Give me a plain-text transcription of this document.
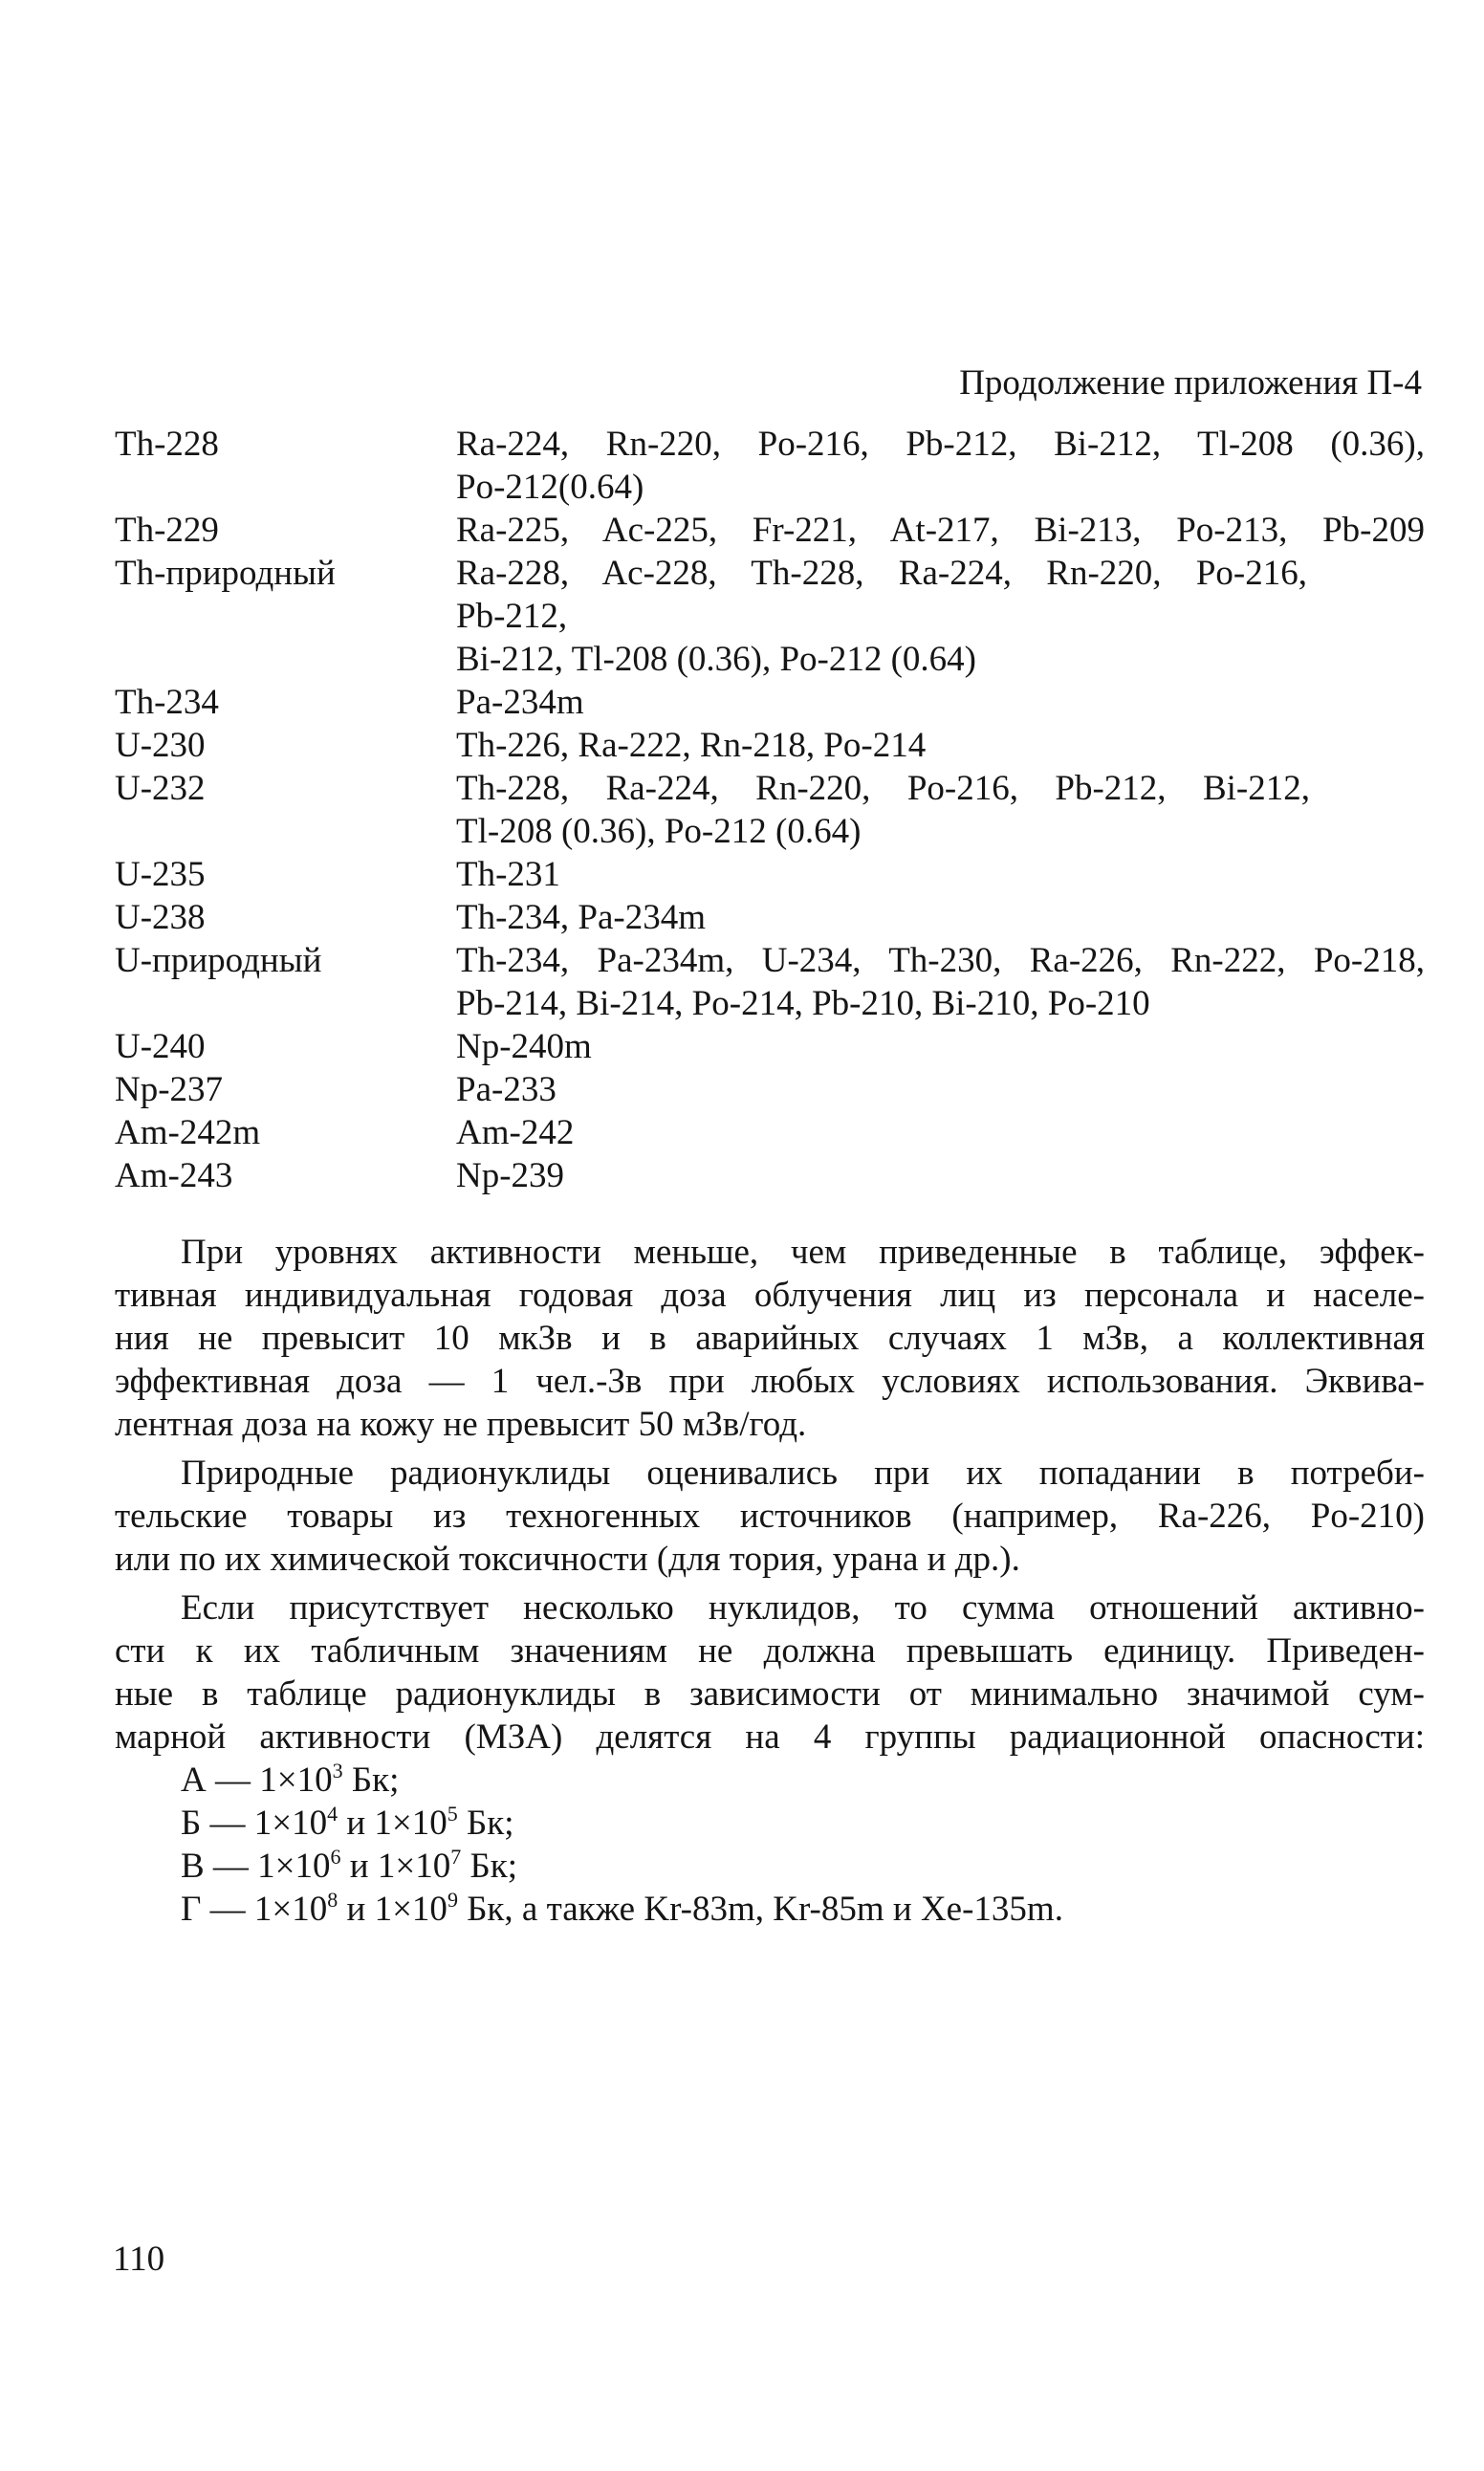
Продолжение приложения П-4
Th-228	Ra-224, Rn-220, Po-216, Pb-212, Bi-212, Tl-208 (0.36),
Po-212(0.64)
Th-229	Ra-225, Ac-225, Fr-221, At-217, Bi-213, Po-213, Pb-209
Th-природный	Ra-228, Ac-228, Th-228, Ra-224, Rn-220, Po-216,
Pb-212,
Bi-212, Tl-208 (0.36), Po-212 (0.64)
Th-234	Pa-234m
U-230	Th-226, Ra-222, Rn-218, Po-214
U-232	Th-228, Ra-224, Rn-220, Po-216, Pb-212, Bi-212,
Tl-208 (0.36), Po-212 (0.64)
U-235	Th-231
U-238	Th-234, Pa-234m
U-природный	Th-234, Pa-234m, U-234, Th-230, Ra-226, Rn-222, Po-218,
Pb-214, Bi-214, Po-214, Pb-210, Bi-210, Po-210
U-240	Np-240m
Np-237	Pa-233
Am-242m	Am-242
Am-243	Np-239
При уровнях активности меньше, чем приведенные в таблице, эффек-
тивная индивидуальная годовая доза облучения лиц из персонала и населе-
ния не превысит 10 мкЗв и в аварийных случаях 1 мЗв, а коллективная
эффективная доза — 1 чел.-Зв при любых условиях использования. Эквива-
лентная доза на кожу не превысит 50 мЗв/год.
Природные радионуклиды оценивались при их попадании в потреби-
тельские товары из техногенных источников (например, Ra-226, Po-210)
или по их химической токсичности (для тория, урана и др.).
Если присутствует несколько нуклидов, то сумма отношений активно-
сти к их табличным значениям не должна превышать единицу. Приведен-
ные в таблице радионуклиды в зависимости от минимально значимой сум-
марной активности (МЗА) делятся на 4 группы радиационной опасности:
А — $1\times 10^3$ Бк;
Б — $1\times 10^4$ и $1\times 10^5$ Бк;
В — $1\times 10^6$ и $1\times 10^7$ Бк;
Г — $1\times 10^8$ и $1\times 10^9$ Бк, а также Kr-83m, Kr-85m и Xe-135m.
110
